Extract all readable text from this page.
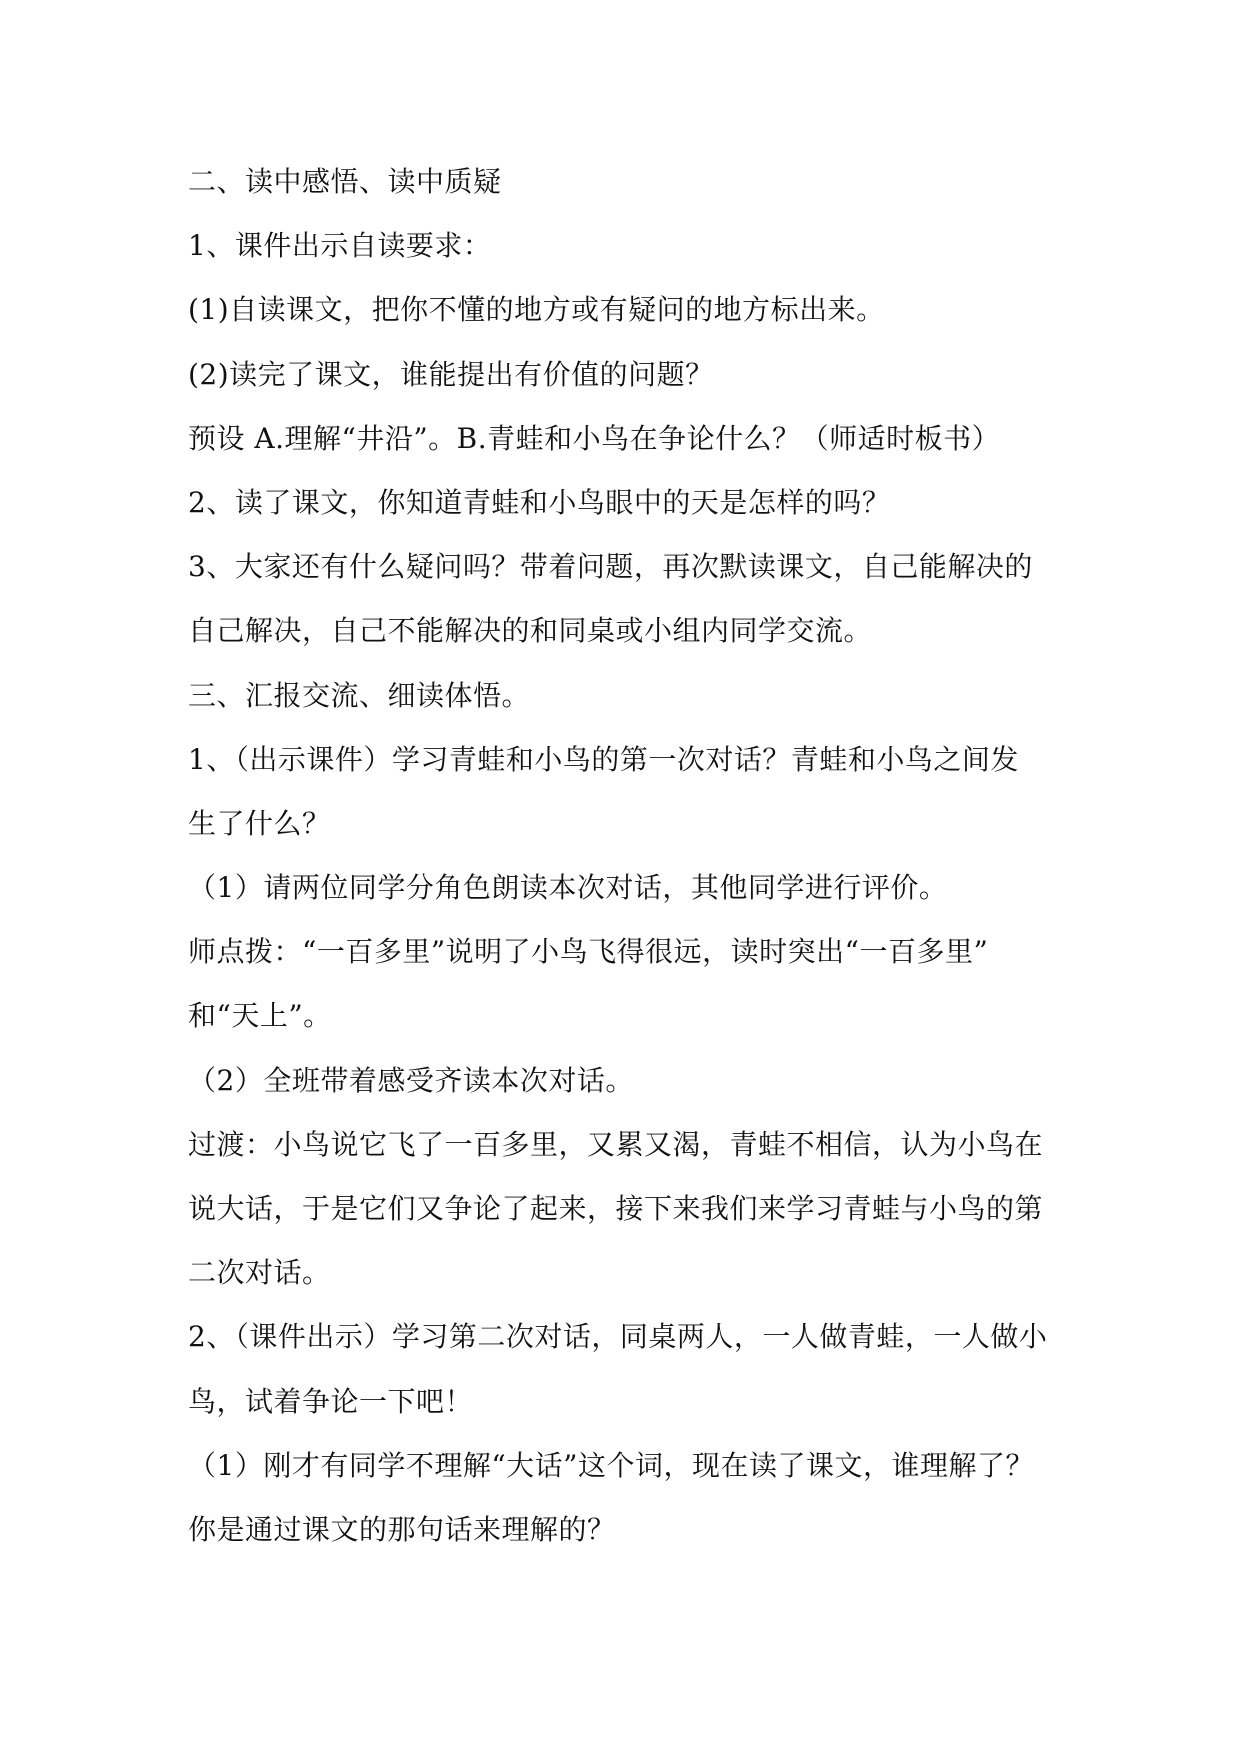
二、读中感悟、读中质疑
1、课件出示自读要求：
(1)自读课文，把你不懂的地方或有疑问的地方标出来。
(2)读完了课文，谁能提出有价值的问题？
预设 A.理解“井沿”。B.青蛙和小鸟在争论什么？（师适时板书）
2、读了课文，你知道青蛙和小鸟眼中的天是怎样的吗？
3、大家还有什么疑问吗？带着问题，再次默读课文，自己能解决的
自己解决，自己不能解决的和同桌或小组内同学交流。
三、汇报交流、细读体悟。
1、（出示课件）学习青蛙和小鸟的第一次对话？青蛙和小鸟之间发
生了什么？
（1）请两位同学分角色朗读本次对话，其他同学进行评价。
师点拨：“一百多里”说明了小鸟飞得很远，读时突出“一百多里”
和“天上”。
（2）全班带着感受齐读本次对话。
过渡：小鸟说它飞了一百多里，又累又渴，青蛙不相信，认为小鸟在
说大话，于是它们又争论了起来，接下来我们来学习青蛙与小鸟的第
二次对话。
2、（课件出示）学习第二次对话，同桌两人，一人做青蛙，一人做小
鸟，试着争论一下吧！
（1）刚才有同学不理解“大话”这个词，现在读了课文，谁理解了？
你是通过课文的那句话来理解的？
